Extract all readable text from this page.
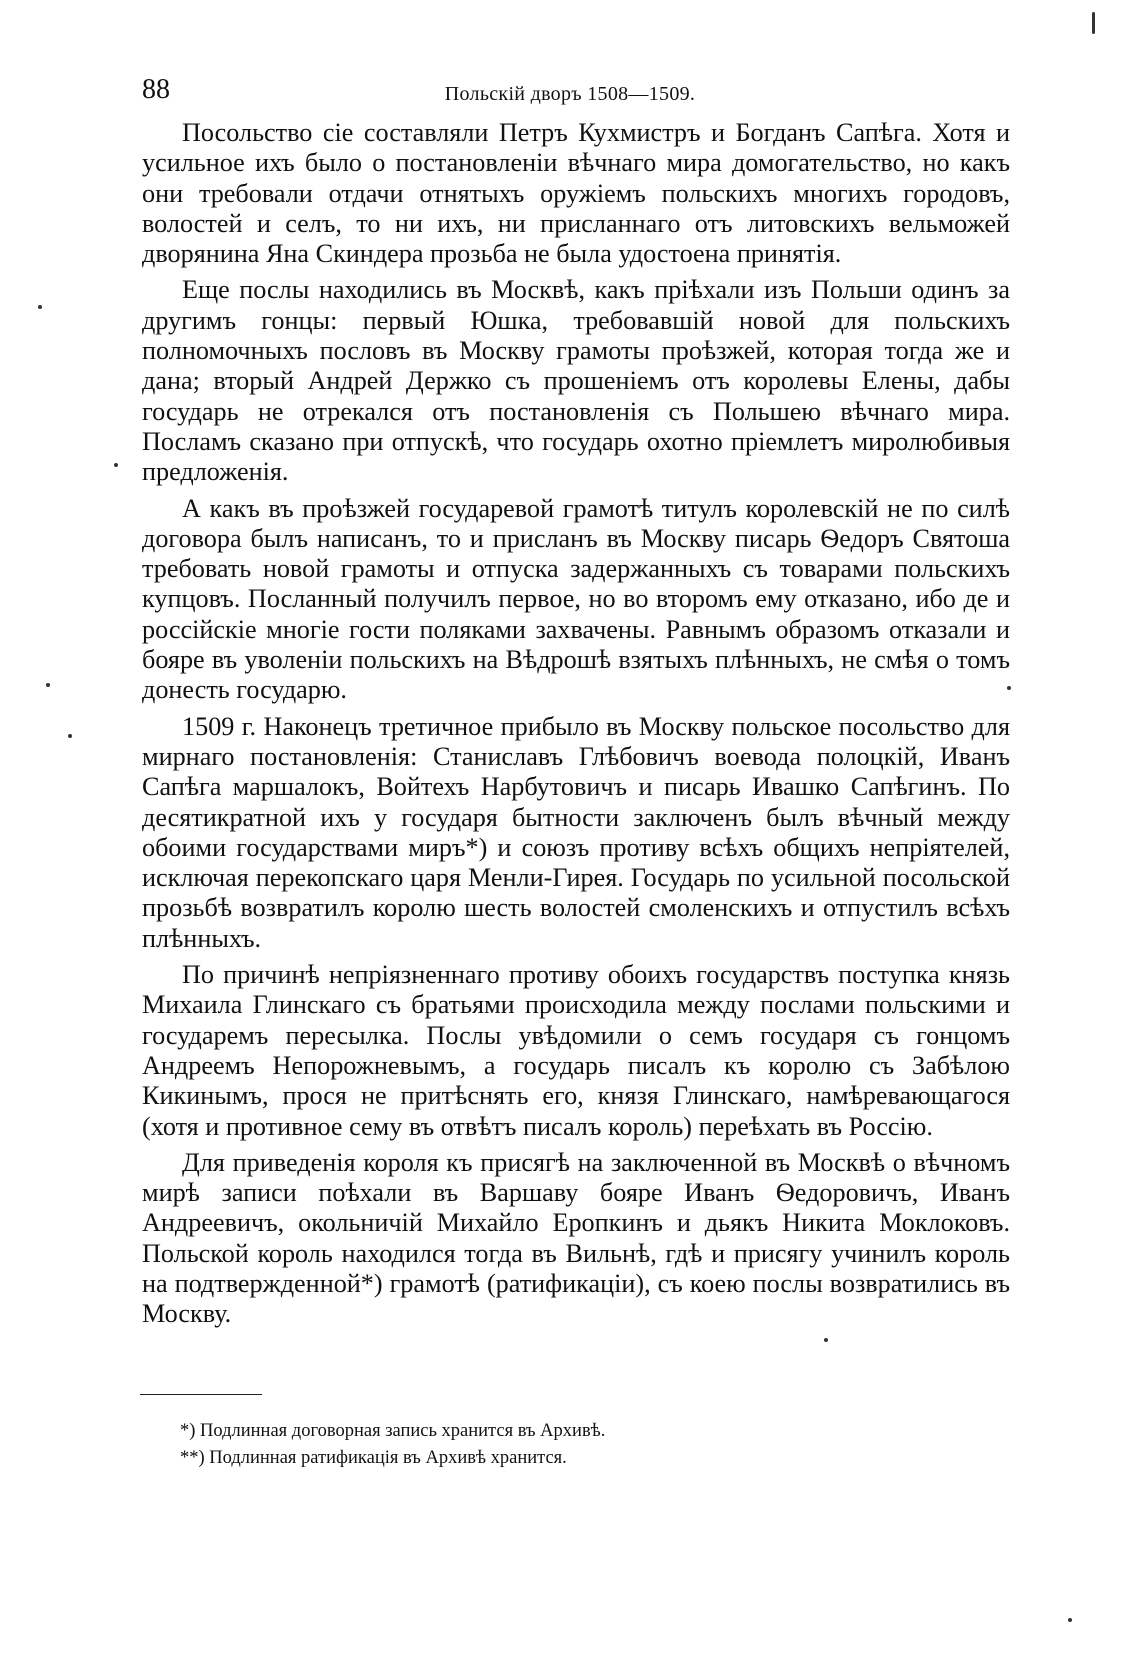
88	Польскій дворъ 1508—1509.

Посольство сіе составляли Петръ Кухмистръ и Богданъ Сапѣга. Хотя и усильное ихъ было о постановленіи вѣчнаго мира домогательство, но какъ они требовали отдачи отнятыхъ оружіемъ польскихъ многихъ городовъ, волостей и селъ, то ни ихъ, ни присланнаго отъ литовскихъ вельможей дворянина Яна Скиндера прозьба не была удостоена принятія.

Еще послы находились въ Москвѣ, какъ пріѣхали изъ Польши одинъ за другимъ гонцы: первый Юшка, требовавшій новой для польскихъ полномочныхъ пословъ въ Москву грамоты проѣзжей, которая тогда же и дана; вторый Андрей Держко съ прошеніемъ отъ королевы Елены, дабы государь не отрекался отъ постановленія съ Польшею вѣчнаго мира. Посламъ сказано при отпускѣ, что государь охотно пріемлетъ миролюбивыя предложенія.

А какъ въ проѣзжей государевой грамотѣ титулъ королевскій не по силѣ договора былъ написанъ, то и присланъ въ Москву писарь Ѳедоръ Святоша требовать новой грамоты и отпуска задержанныхъ съ товарами польскихъ купцовъ. Посланный получилъ первое, но во второмъ ему отказано, ибо де и россійскіе многіе гости поляками захвачены. Равнымъ образомъ отказали и бояре въ уволеніи польскихъ на Вѣдрошѣ взятыхъ плѣнныхъ, не смѣя о томъ донесть государю.

1509 г. Наконецъ третичное прибыло въ Москву польское посольство для мирнаго постановленія: Станиславъ Глѣбовичъ воевода полоцкій, Иванъ Сапѣга маршалокъ, Войтехъ Нарбутовичъ и писарь Ивашко Сапѣгинъ. По десятикратной ихъ у государя бытности заключенъ былъ вѣчный между обоими государствами миръ*) и союзъ противу всѣхъ общихъ непріятелей, исключая перекопскаго царя Менли-Гирея. Государь по усильной посольской прозьбѣ возвратилъ королю шесть волостей смоленскихъ и отпустилъ всѣхъ плѣнныхъ.

По причинѣ непріязненнаго противу обоихъ государствъ поступка князь Михаила Глинскаго съ братьями происходила между послами польскими и государемъ пересылка. Послы увѣдомили о семъ государя съ гонцомъ Андреемъ Непорожневымъ, а государь писалъ къ королю съ Забѣлою Кикинымъ, прося не притѣснять его, князя Глинскаго, намѣревающагося (хотя и противное сему въ отвѣтъ писалъ король) переѣхать въ Россію.

Для приведенія короля къ присягѣ на заключенной въ Москвѣ о вѣчномъ мирѣ записи поѣхали въ Варшаву бояре Иванъ Ѳедоровичъ, Иванъ Андреевичъ, окольничій Михайло Еропкинъ и дьякъ Никита Моклоковъ. Польской король находился тогда въ Вильнѣ, гдѣ и присягу учинилъ король на подтвержденной*) грамотѣ (ратификаціи), съ коею послы возвратились въ Москву.

*) Подлинная договорная запись хранится въ Архивѣ.

**) Подлинная ратификація въ Архивѣ хранится.
